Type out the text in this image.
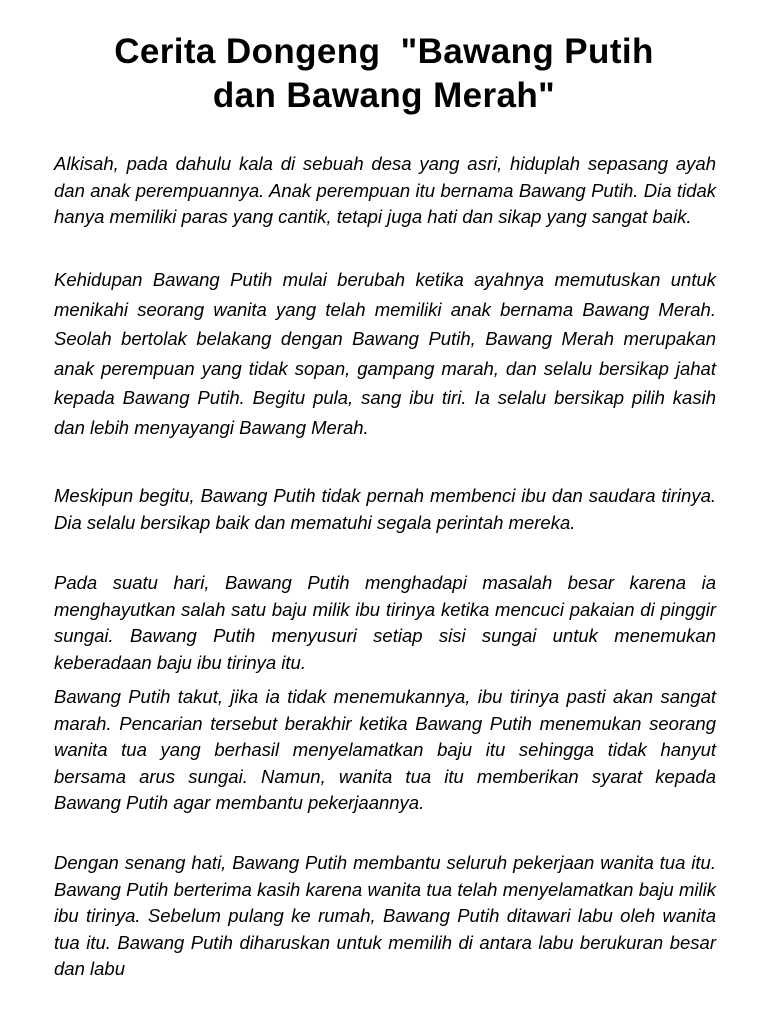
Cerita Dongeng  "Bawang Putih
dan Bawang Merah"

Alkisah, pada dahulu kala di sebuah desa yang asri, hiduplah sepasang ayah dan anak perempuannya. Anak perempuan itu bernama Bawang Putih. Dia tidak hanya memiliki paras yang cantik, tetapi juga hati dan sikap yang sangat baik.

Kehidupan Bawang Putih mulai berubah ketika ayahnya memutuskan untuk menikahi seorang wanita yang telah memiliki anak bernama Bawang Merah. Seolah bertolak belakang dengan Bawang Putih, Bawang Merah merupakan anak perempuan yang tidak sopan, gampang marah, dan selalu bersikap jahat kepada Bawang Putih. Begitu pula, sang ibu tiri. Ia selalu bersikap pilih kasih dan lebih menyayangi Bawang Merah.

Meskipun begitu, Bawang Putih tidak pernah membenci ibu dan saudara tirinya. Dia selalu bersikap baik dan mematuhi segala perintah mereka.

Pada suatu hari, Bawang Putih menghadapi masalah besar karena ia menghayutkan salah satu baju milik ibu tirinya ketika mencuci pakaian di pinggir sungai. Bawang Putih menyusuri setiap sisi sungai untuk menemukan keberadaan baju ibu tirinya itu.

Bawang Putih takut, jika ia tidak menemukannya, ibu tirinya pasti akan sangat marah. Pencarian tersebut berakhir ketika Bawang Putih menemukan seorang wanita tua yang berhasil menyelamatkan baju itu sehingga tidak hanyut bersama arus sungai. Namun, wanita tua itu memberikan syarat kepada Bawang Putih agar membantu pekerjaannya.

Dengan senang hati, Bawang Putih membantu seluruh pekerjaan wanita tua itu. Bawang Putih berterima kasih karena wanita tua telah menyelamatkan baju milik ibu tirinya. Sebelum pulang ke rumah, Bawang Putih ditawari labu oleh wanita tua itu. Bawang Putih diharuskan untuk memilih di antara labu berukuran besar dan labu
